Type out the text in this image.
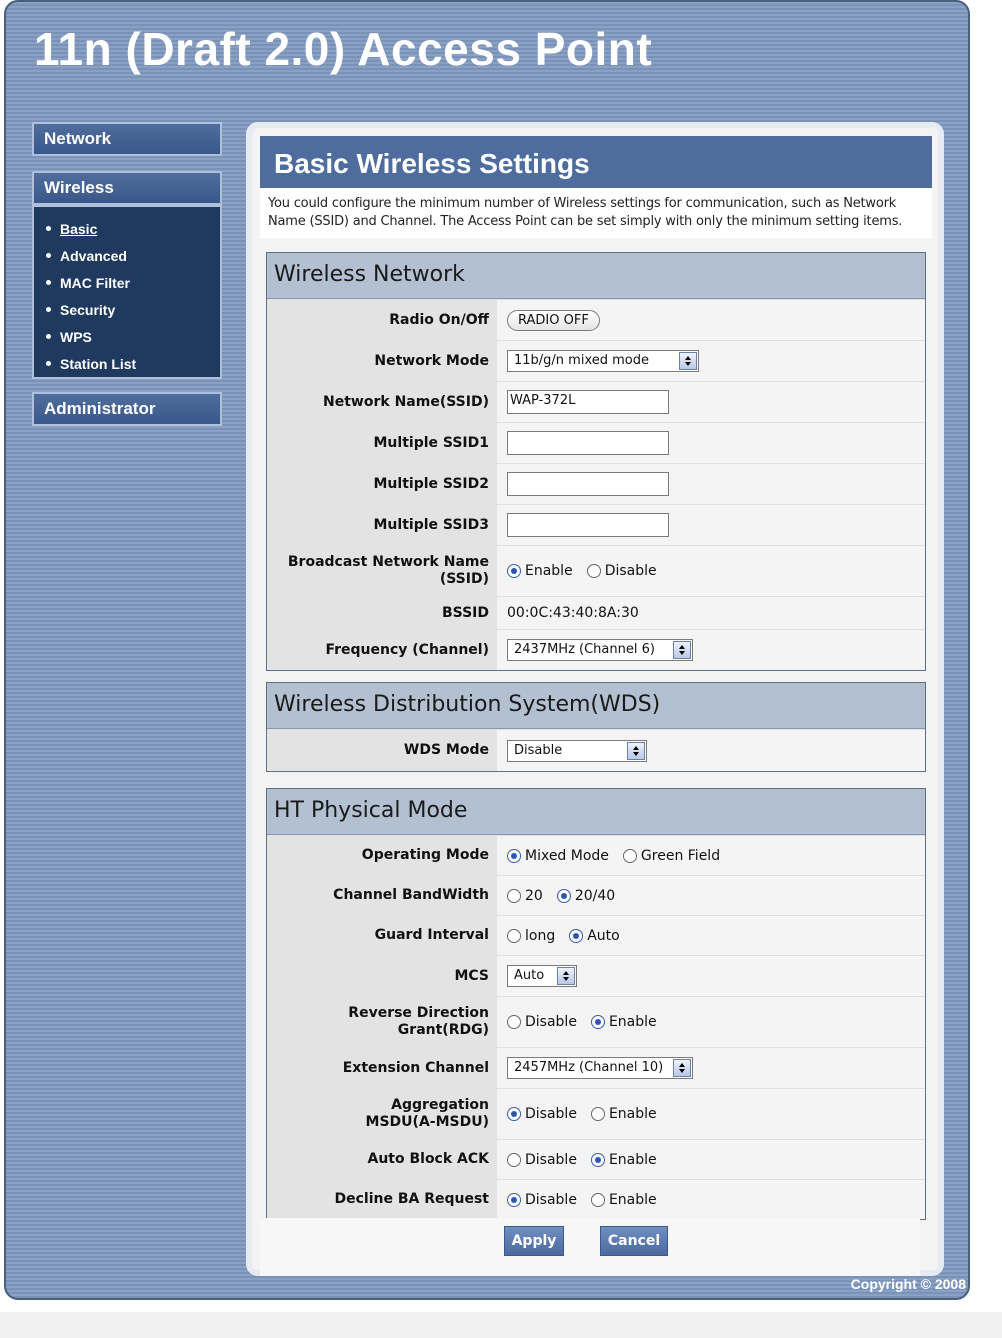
11n (Draft 2.0) Access Point
Network
Wireless
Basic
Advanced
MAC Filter
Security
WPS
Station List
Administrator
Basic Wireless Settings
You could configure the minimum number of Wireless settings for communication, such as Network Name (SSID) and Channel. The Access Point can be set simply with only the minimum setting items.
Wireless Network
Radio On/Off	RADIO OFF
Network Mode	11b/g/n mixed mode
Network Name(SSID)	WAP-372L
Multiple SSID1
Multiple SSID2
Multiple SSID3
Broadcast Network Name
(SSID)	Enable Disable
BSSID	00:0C:43:40:8A:30
Frequency (Channel)	2437MHz (Channel 6)
Wireless Distribution System(WDS)
WDS Mode	Disable
HT Physical Mode
Operating Mode	Mixed Mode Green Field
Channel BandWidth	20 20/40
Guard Interval	long Auto
MCS	Auto
Reverse Direction
Grant(RDG)	Disable Enable
Extension Channel	2457MHz (Channel 10)
Aggregation
MSDU(A-MSDU)	Disable Enable
Auto Block ACK	Disable Enable
Decline BA Request	Disable Enable
Apply	Cancel
Copyright © 2008
